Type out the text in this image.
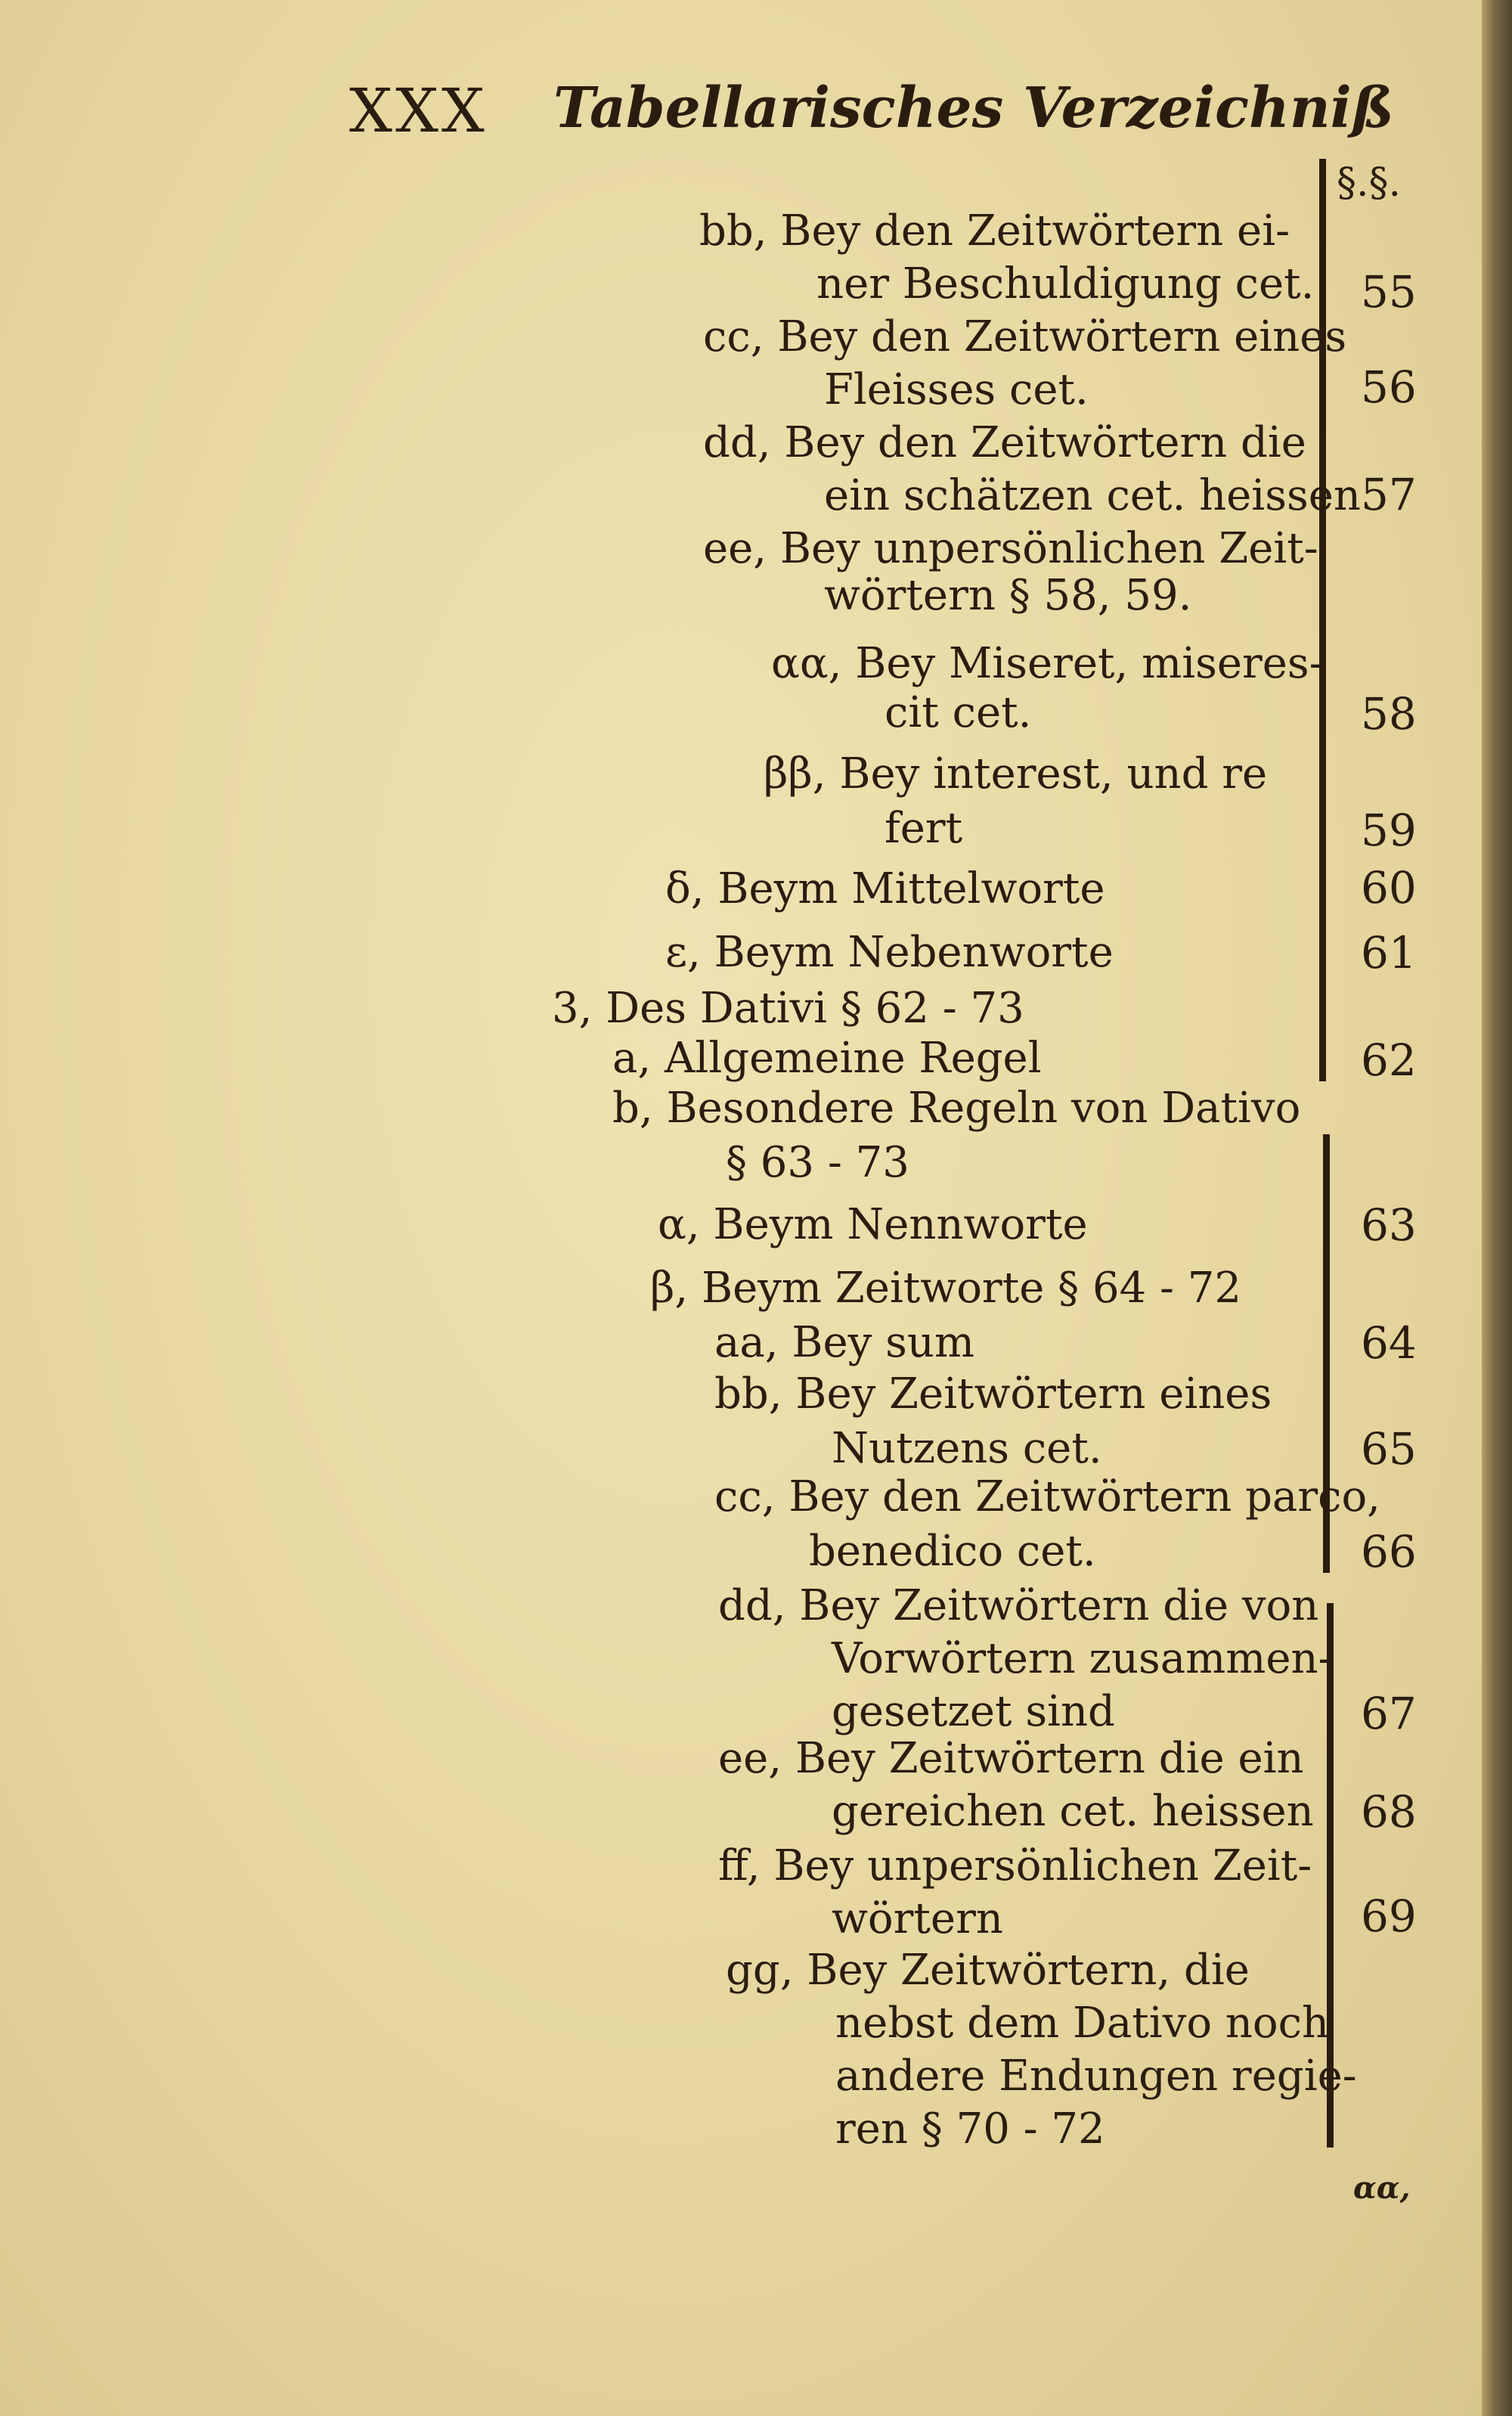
XXX Tabellarisches Verzeichniß
§.§.
bb, Bey den Zeitwörtern ei-
ner Beschuldigung cet. 55
cc, Bey den Zeitwörtern eines
Fleisses cet.	56
dd, Bey den Zeitwörtern die
ein schätzen cet. heissen 57
ee, Bey unpersönlichen Zeit-
wörtern § 58, 59.
αα, Bey Miseret, miseres-
cit cet.	58
ββ, Bey interest, und re
fert	59
δ, Beym Mittelworte	60
ε, Beym Nebenworte	61
3, Des Dativi § 62 - 73
a, Allgemeine Regel	62
b, Besondere Regeln von Dativo
§ 63 - 73
α, Beym Nennworte	63
β, Beym Zeitworte § 64 - 72
aa, Bey sum	64
bb, Bey Zeitwörtern eines
Nutzens cet.	65
cc, Bey den Zeitwörtern parco,
benedico cet.	66
dd, Bey Zeitwörtern die von
Vorwörtern zusammen-
gesetzet sind	67
ee, Bey Zeitwörtern die ein
gereichen cet. heissen 68
ff, Bey unpersönlichen Zeit-
wörtern	69
gg, Bey Zeitwörtern, die
nebst dem Dativo noch
andere Endungen regie-
ren § 70 - 72
αα,
